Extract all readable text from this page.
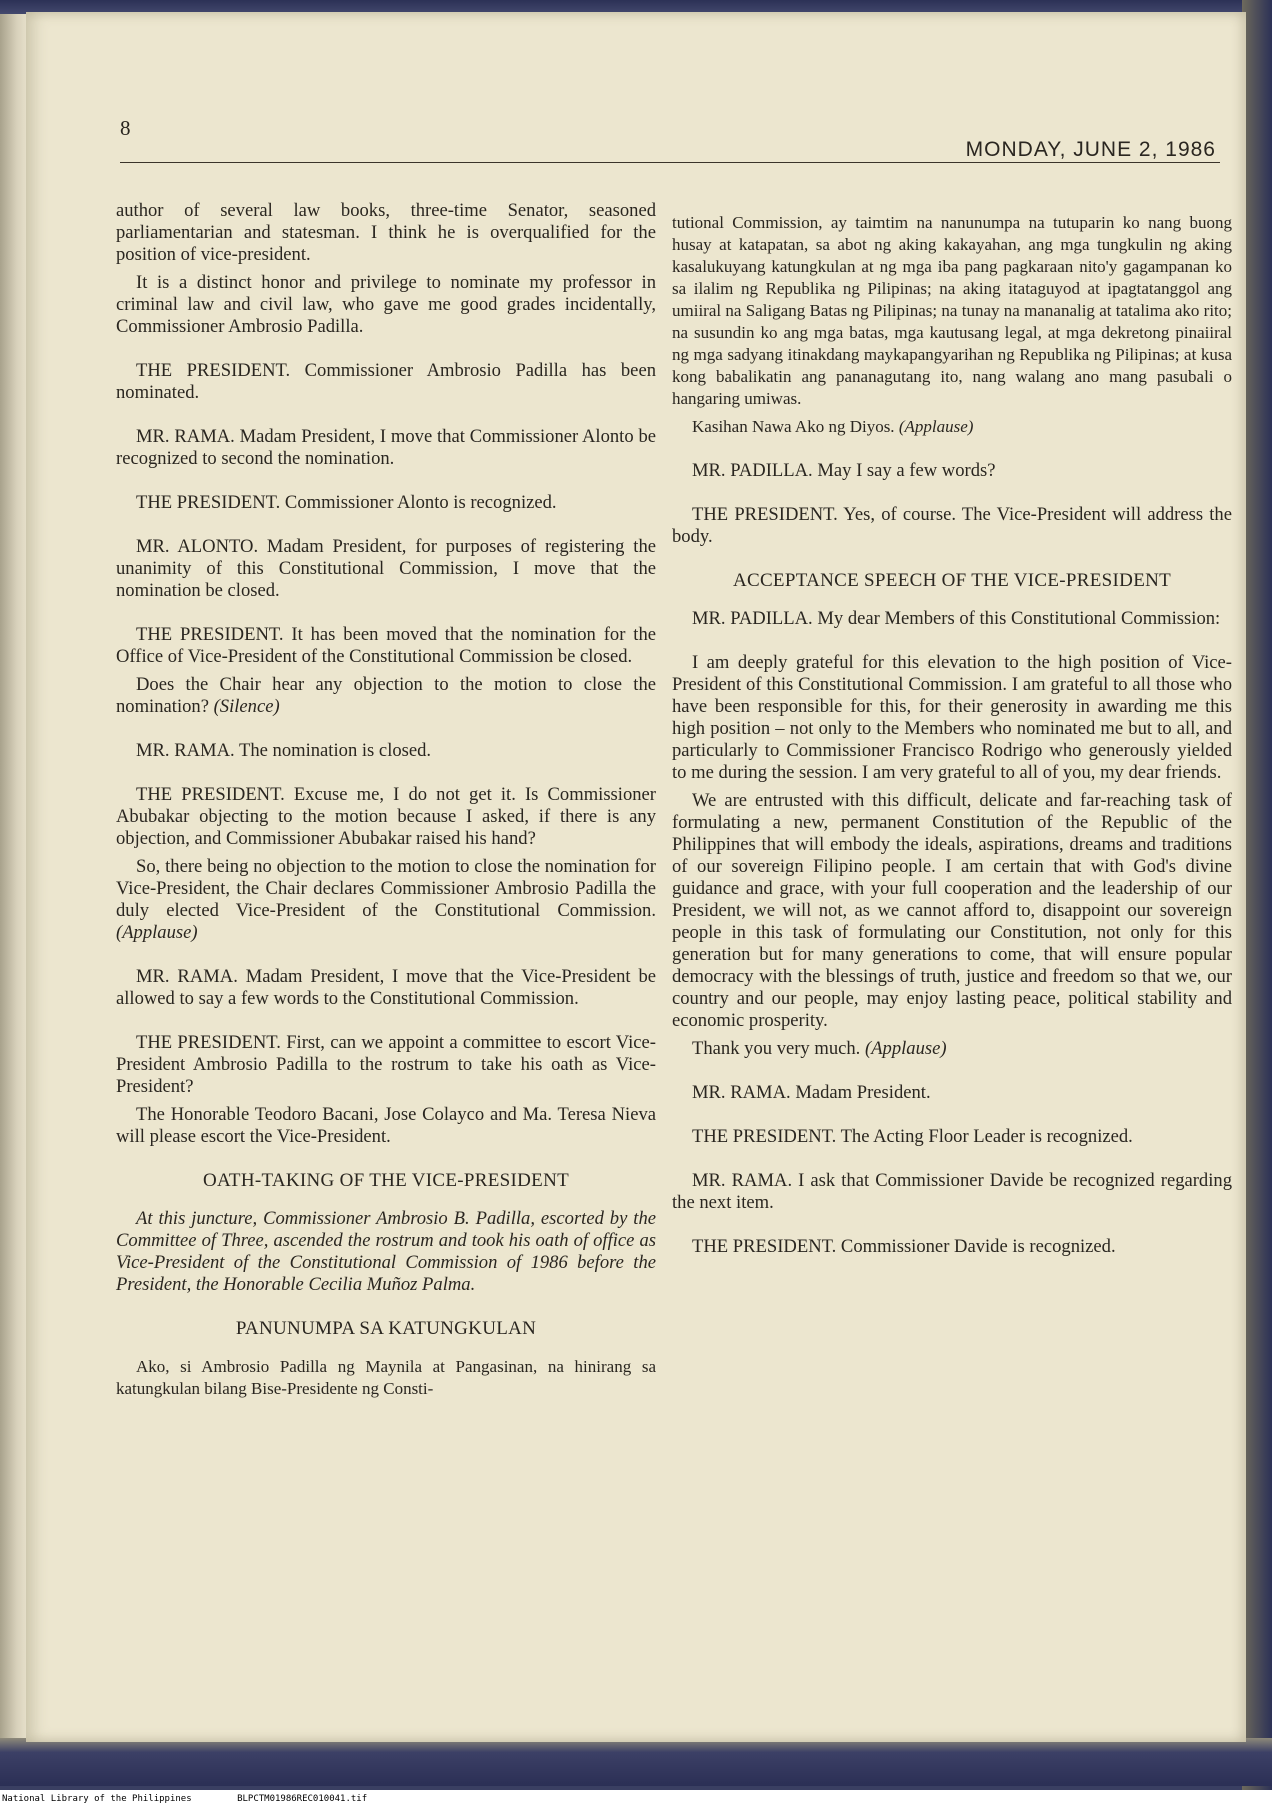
8
MONDAY, JUNE 2, 1986

author of several law books, three-time Senator, seasoned parliamentarian and statesman. I think he is overqualified for the position of vice-president.

It is a distinct honor and privilege to nominate my professor in criminal law and civil law, who gave me good grades incidentally, Commissioner Ambrosio Padilla.

THE PRESIDENT. Commissioner Ambrosio Padilla has been nominated.

MR. RAMA. Madam President, I move that Commissioner Alonto be recognized to second the nomination.

THE PRESIDENT. Commissioner Alonto is recognized.

MR. ALONTO. Madam President, for purposes of registering the unanimity of this Constitutional Commission, I move that the nomination be closed.

THE PRESIDENT. It has been moved that the nomination for the Office of Vice-President of the Constitutional Commission be closed.

Does the Chair hear any objection to the motion to close the nomination? (Silence)

MR. RAMA. The nomination is closed.

THE PRESIDENT. Excuse me, I do not get it. Is Commissioner Abubakar objecting to the motion because I asked, if there is any objection, and Commissioner Abubakar raised his hand?

So, there being no objection to the motion to close the nomination for Vice-President, the Chair declares Commissioner Ambrosio Padilla the duly elected Vice-President of the Constitutional Commission. (Applause)

MR. RAMA. Madam President, I move that the Vice-President be allowed to say a few words to the Constitutional Commission.

THE PRESIDENT. First, can we appoint a committee to escort Vice-President Ambrosio Padilla to the rostrum to take his oath as Vice-President?

The Honorable Teodoro Bacani, Jose Colayco and Ma. Teresa Nieva will please escort the Vice-President.

OATH-TAKING OF THE VICE-PRESIDENT

At this juncture, Commissioner Ambrosio B. Padilla, escorted by the Committee of Three, ascended the rostrum and took his oath of office as Vice-President of the Constitutional Commission of 1986 before the President, the Honorable Cecilia Muñoz Palma.

PANUNUMPA SA KATUNGKULAN

Ako, si Ambrosio Padilla ng Maynila at Pangasinan, na hinirang sa katungkulan bilang Bise-Presidente ng Consti-

tutional Commission, ay taimtim na nanunumpa na tutuparin ko nang buong husay at katapatan, sa abot ng aking kakayahan, ang mga tungkulin ng aking kasalukuyang katungkulan at ng mga iba pang pagkaraan nito'y gagampanan ko sa ilalim ng Republika ng Pilipinas; na aking itataguyod at ipagtatanggol ang umiiral na Saligang Batas ng Pilipinas; na tunay na mananalig at tatalima ako rito; na susundin ko ang mga batas, mga kautusang legal, at mga dekretong pinaiiral ng mga sadyang itinakdang maykapangyarihan ng Republika ng Pilipinas; at kusa kong babalikatin ang pananagutang ito, nang walang ano mang pasubali o hangaring umiwas.

Kasihan Nawa Ako ng Diyos. (Applause)

MR. PADILLA. May I say a few words?

THE PRESIDENT. Yes, of course. The Vice-President will address the body.

ACCEPTANCE SPEECH OF THE VICE-PRESIDENT

MR. PADILLA. My dear Members of this Constitutional Commission:

I am deeply grateful for this elevation to the high position of Vice-President of this Constitutional Commission. I am grateful to all those who have been responsible for this, for their generosity in awarding me this high position – not only to the Members who nominated me but to all, and particularly to Commissioner Francisco Rodrigo who generously yielded to me during the session. I am very grateful to all of you, my dear friends.

We are entrusted with this difficult, delicate and far-reaching task of formulating a new, permanent Constitution of the Republic of the Philippines that will embody the ideals, aspirations, dreams and traditions of our sovereign Filipino people. I am certain that with God's divine guidance and grace, with your full cooperation and the leadership of our President, we will not, as we cannot afford to, disappoint our sovereign people in this task of formulating our Constitution, not only for this generation but for many generations to come, that will ensure popular democracy with the blessings of truth, justice and freedom so that we, our country and our people, may enjoy lasting peace, political stability and economic prosperity.

Thank you very much. (Applause)

MR. RAMA. Madam President.

THE PRESIDENT. The Acting Floor Leader is recognized.

MR. RAMA. I ask that Commissioner Davide be recognized regarding the next item.

THE PRESIDENT. Commissioner Davide is recognized.

National Library of the Philippines	BLPCTM01986REC010041.tif
